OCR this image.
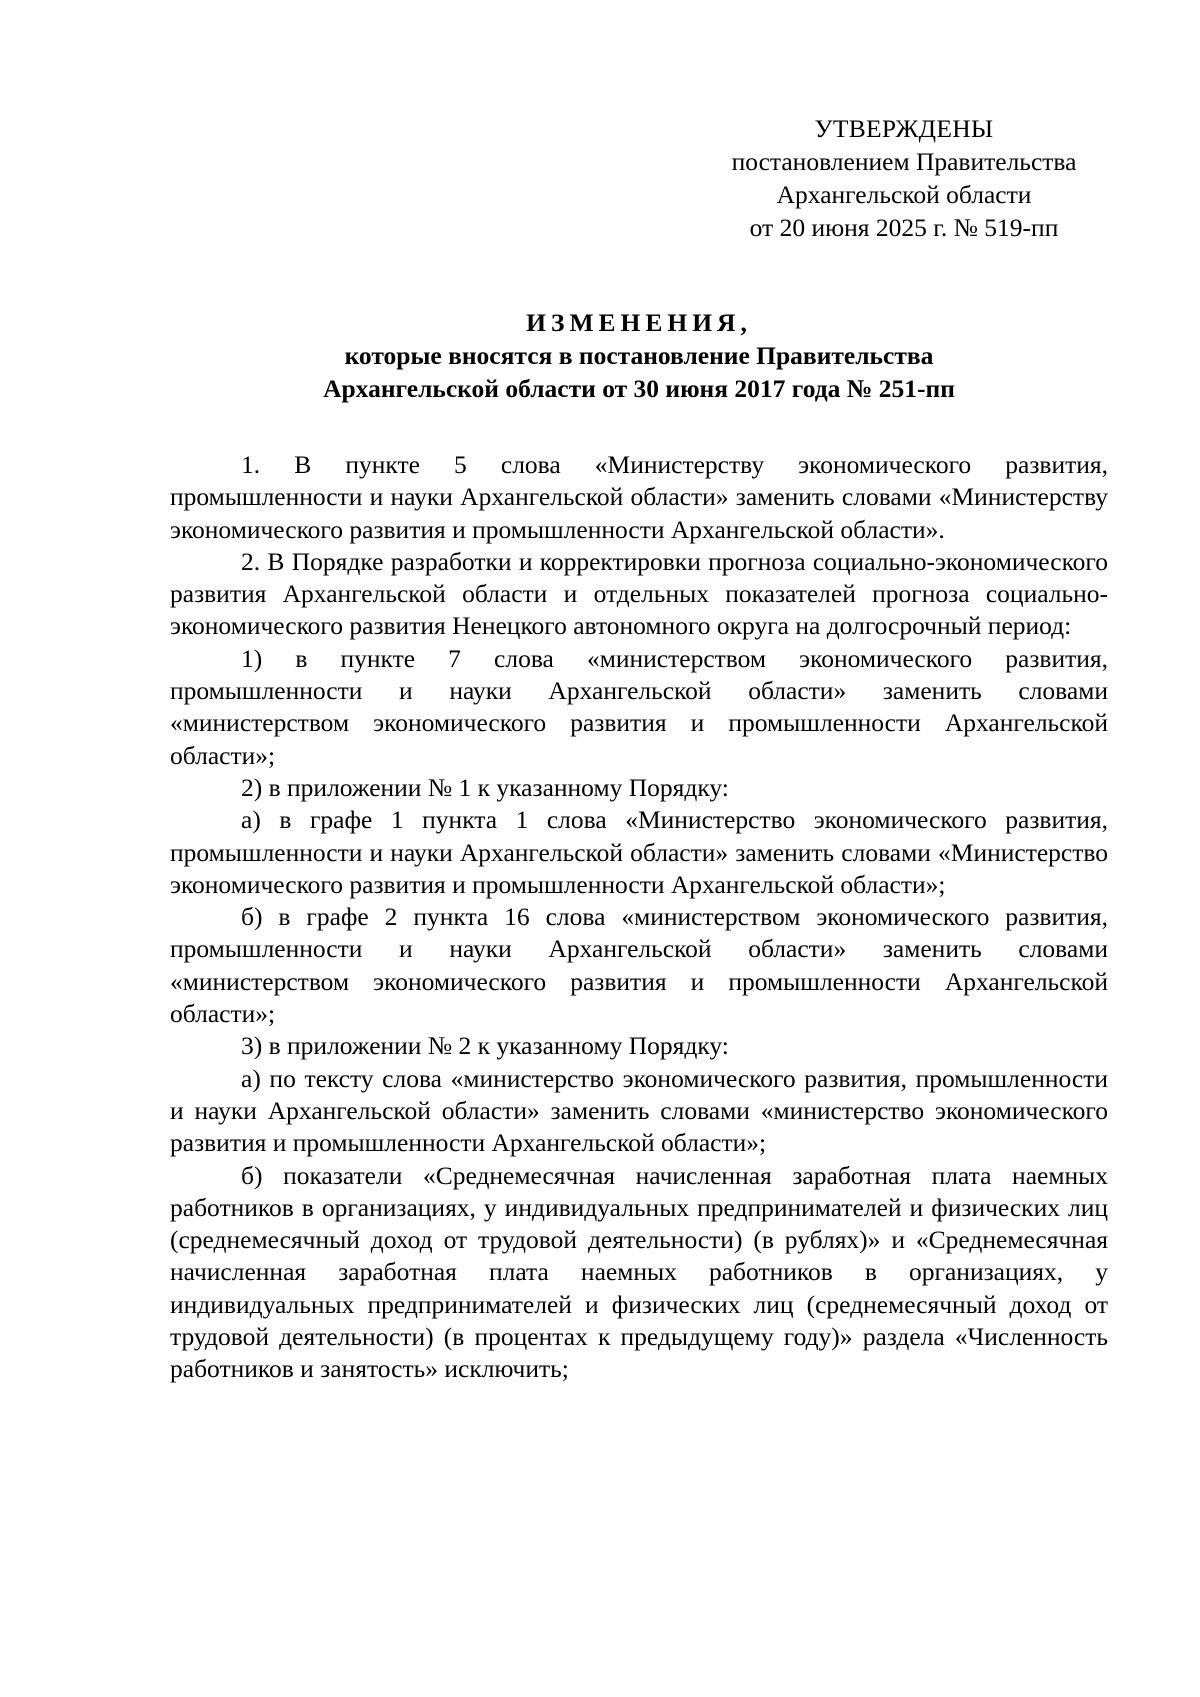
УТВЕРЖДЕНЫ
постановлением Правительства
Архангельской области
от 20 июня 2025 г. № 519-пп
ИЗМЕНЕНИЯ,
которые вносятся в постановление Правительства
Архангельской области от 30 июня 2017 года № 251-пп

1. В пункте 5 слова «Министерству экономического развития, промышленности и науки Архангельской области» заменить словами «Министерству экономического развития и промышленности Архангельской области».

2. В Порядке разработки и корректировки прогноза социально-экономического развития Архангельской области и отдельных показателей прогноза социально-экономического развития Ненецкого автономного округа на долгосрочный период:

1) в пункте 7 слова «министерством экономического развития, промышленности и науки Архангельской области» заменить словами «министерством экономического развития и промышленности Архангельской области»;

2) в приложении № 1 к указанному Порядку:

а) в графе 1 пункта 1 слова «Министерство экономического развития, промышленности и науки Архангельской области» заменить словами «Министерство экономического развития и промышленности Архангельской области»;

б) в графе 2 пункта 16 слова «министерством экономического развития, промышленности и науки Архангельской области» заменить словами «министерством экономического развития и промышленности Архангельской области»;

3) в приложении № 2 к указанному Порядку:

а) по тексту слова «министерство экономического развития, промышленности и науки Архангельской области» заменить словами «министерство экономического развития и промышленности Архангельской области»;

б) показатели «Среднемесячная начисленная заработная плата наемных работников в организациях, у индивидуальных предпринимателей и физических лиц (среднемесячный доход от трудовой деятельности) (в рублях)» и «Среднемесячная начисленная заработная плата наемных работников в организациях, у индивидуальных предпринимателей и физических лиц (среднемесячный доход от трудовой деятельности) (в процентах к предыдущему году)» раздела «Численность работников и занятость» исключить;
